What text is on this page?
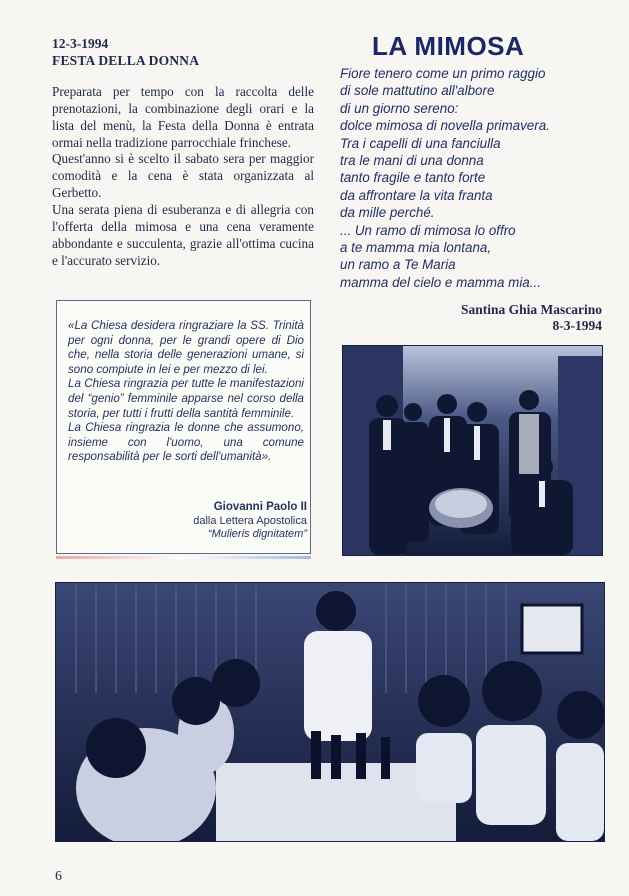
12-3-1994
FESTA DELLA DONNA

Preparata per tempo con la raccolta delle prenotazioni, la combinazione degli orari e la lista del menù, la Festa della Donna è entrata ormai nella tradizione parrocchiale frinchese.

Quest'anno si è scelto il sabato sera per maggior comodità e la cena è stata organizzata al Gerbetto.

Una serata piena di esuberanza e di allegria con l'offerta della mimosa e una cena veramente abbondante e succulenta, grazie all'ottima cucina e l'accurato servizio.

LA MIMOSA
Fiore tenero come un primo raggio
di sole mattutino all'albore
di un giorno sereno:
dolce mimosa di novella primavera.
Tra i capelli di una fanciulla
tra le mani di una donna
tanto fragile e tanto forte
da affrontare la vita franta
da mille perché.
... Un ramo di mimosa lo offro
a te mamma mia lontana,
un ramo a Te Maria
mamma del cielo e mamma mia...
Santina Ghia Mascarino
8-3-1994

«La Chiesa desidera ringraziare la SS. Trinità per ogni donna, per le grandi opere di Dio che, nella storia delle generazioni umane, si sono compiute in lei e per mezzo di lei.

La Chiesa ringrazia per tutte le manifestazioni del “genio” femminile apparse nel corso della storia, per tutti i frutti della santità femminile.

La Chiesa ringrazia le donne che assumono, insieme con l'uomo, una comune responsabilità per le sorti dell'umanità».

Giovanni Paolo II
dalla Lettera Apostolica
“Mulieris dignitatem”
6
